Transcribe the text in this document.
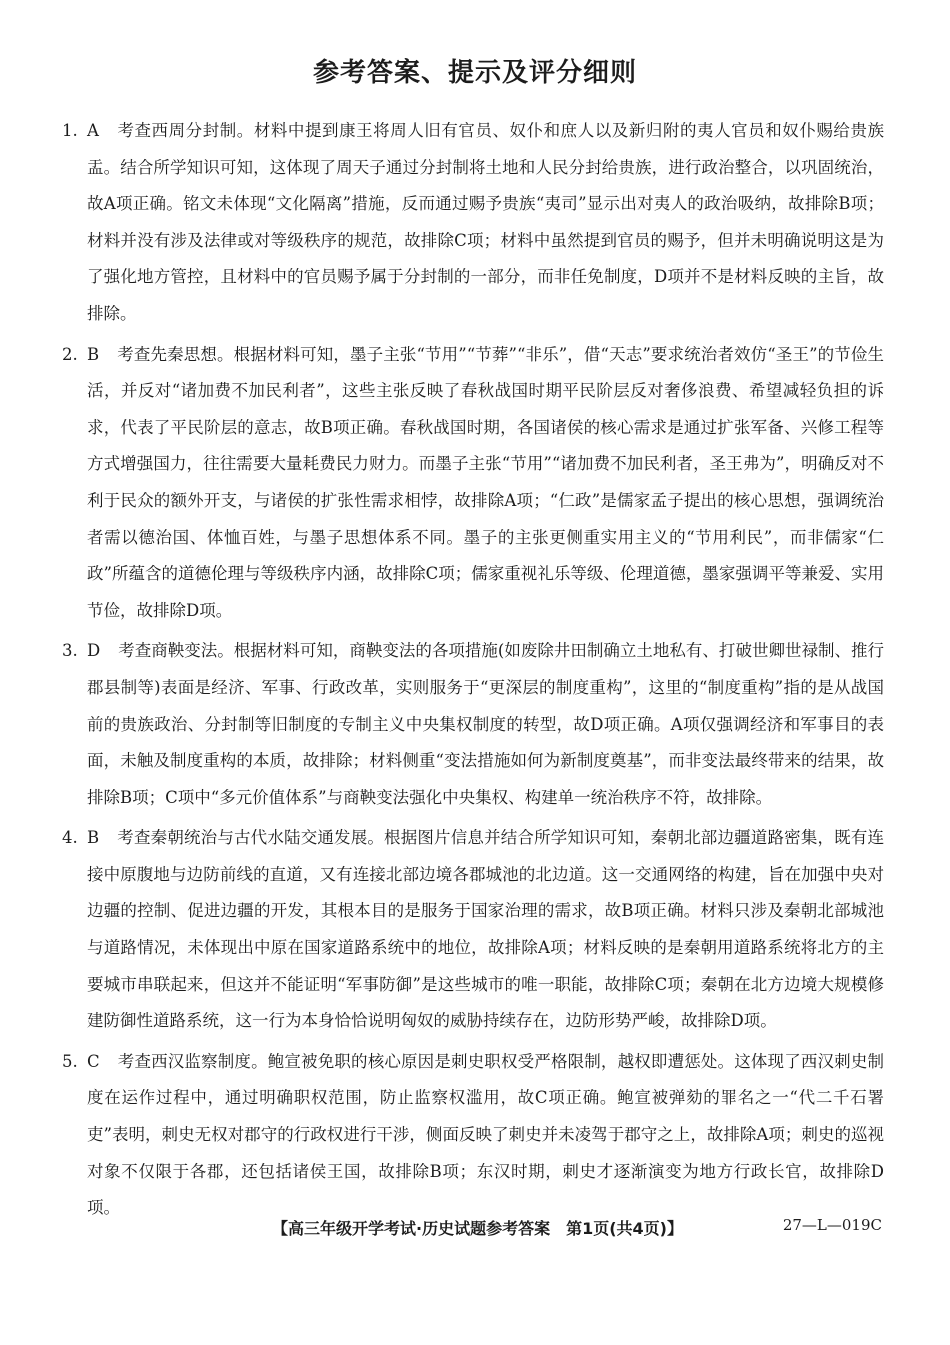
参考答案、提示及评分细则

1. A 考查西周分封制。材料中提到康王将周人旧有官员、奴仆和庶人以及新归附的夷人官员和奴仆赐给贵族盂。结合所学知识可知，这体现了周天子通过分封制将土地和人民分封给贵族，进行政治整合，以巩固统治，故A项正确。铭文未体现“文化隔离”措施，反而通过赐予贵族“夷司”显示出对夷人的政治吸纳，故排除B项；材料并没有涉及法律或对等级秩序的规范，故排除C项；材料中虽然提到官员的赐予，但并未明确说明这是为了强化地方管控，且材料中的官员赐予属于分封制的一部分，而非任免制度，D项并不是材料反映的主旨，故排除。

2. B 考查先秦思想。根据材料可知，墨子主张“节用”“节葬”“非乐”，借“天志”要求统治者效仿“圣王”的节俭生活，并反对“诸加费不加民利者”，这些主张反映了春秋战国时期平民阶层反对奢侈浪费、希望减轻负担的诉求，代表了平民阶层的意志，故B项正确。春秋战国时期，各国诸侯的核心需求是通过扩张军备、兴修工程等方式增强国力，往往需要大量耗费民力财力。而墨子主张“节用”“诸加费不加民利者，圣王弗为”，明确反对不利于民众的额外开支，与诸侯的扩张性需求相悖，故排除A项；“仁政”是儒家孟子提出的核心思想，强调统治者需以德治国、体恤百姓，与墨子思想体系不同。墨子的主张更侧重实用主义的“节用利民”，而非儒家“仁政”所蕴含的道德伦理与等级秩序内涵，故排除C项；儒家重视礼乐等级、伦理道德，墨家强调平等兼爱、实用节俭，故排除D项。

3. D 考查商鞅变法。根据材料可知，商鞅变法的各项措施(如废除井田制确立土地私有、打破世卿世禄制、推行郡县制等)表面是经济、军事、行政改革，实则服务于“更深层的制度重构”，这里的“制度重构”指的是从战国前的贵族政治、分封制等旧制度的专制主义中央集权制度的转型，故D项正确。A项仅强调经济和军事目的表面，未触及制度重构的本质，故排除；材料侧重“变法措施如何为新制度奠基”，而非变法最终带来的结果，故排除B项；C项中“多元价值体系”与商鞅变法强化中央集权、构建单一统治秩序不符，故排除。

4. B 考查秦朝统治与古代水陆交通发展。根据图片信息并结合所学知识可知，秦朝北部边疆道路密集，既有连接中原腹地与边防前线的直道，又有连接北部边境各郡城池的北边道。这一交通网络的构建，旨在加强中央对边疆的控制、促进边疆的开发，其根本目的是服务于国家治理的需求，故B项正确。材料只涉及秦朝北部城池与道路情况，未体现出中原在国家道路系统中的地位，故排除A项；材料反映的是秦朝用道路系统将北方的主要城市串联起来，但这并不能证明“军事防御”是这些城市的唯一职能，故排除C项；秦朝在北方边境大规模修建防御性道路系统，这一行为本身恰恰说明匈奴的威胁持续存在，边防形势严峻，故排除D项。

5. C 考查西汉监察制度。鲍宣被免职的核心原因是刺史职权受严格限制，越权即遭惩处。这体现了西汉刺史制度在运作过程中，通过明确职权范围，防止监察权滥用，故C项正确。鲍宣被弹劾的罪名之一“代二千石署吏”表明，刺史无权对郡守的行政权进行干涉，侧面反映了刺史并未凌驾于郡守之上，故排除A项；刺史的巡视对象不仅限于各郡，还包括诸侯王国，故排除B项；东汉时期，刺史才逐渐演变为地方行政长官，故排除D项。

【高三年级开学考试·历史试题参考答案　第1页(共4页)】	27—L—019C
